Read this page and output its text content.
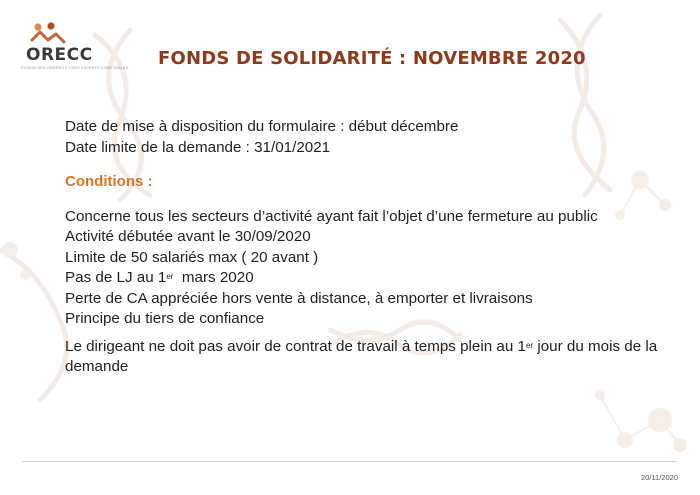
ORECC
FUSION DES ORDRES ET DES EXPERTS-COMPTABLES FONDS DE SOLIDARITÉ : NOVEMBRE 2020

Date de mise à disposition du formulaire : début décembre

Date limite de la demande : 31/01/2021

Conditions :

Concerne tous les secteurs d’activité ayant fait l’objet d’une fermeture au public

Activité débutée avant le 30/09/2020

Limite de 50 salariés max ( 20 avant )

Pas de LJ au 1er  mars 2020

Perte de CA appréciée hors vente à distance, à emporter et livraisons

Principe du tiers de confiance

Le dirigeant ne doit pas avoir de contrat de travail à temps plein au 1er jour du mois de la demande

20/11/2020
